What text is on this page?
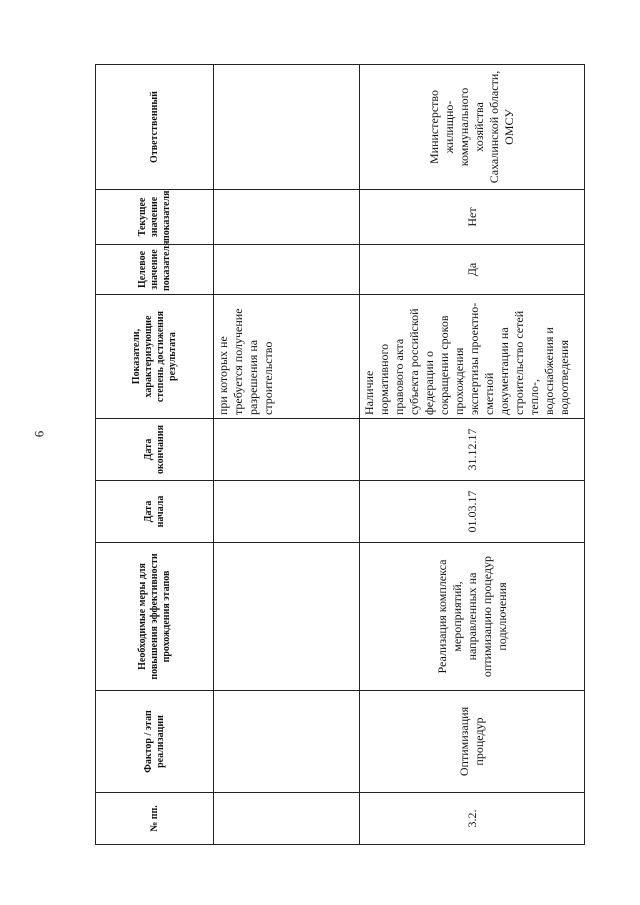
6
№ пп.	Фактор / этап реализации	Необходимые меры для повышения эффективности прохождения этапов	Дата начала	Дата окончания	Показатели, характеризующие степень достижения результата	Целевое значение показателя	Текущее значение показателя	Ответственный
					при которых не требуется получение разрешения на строительство			
3.2.	Оптимизация процедур	Реализация комплекса мероприятий, направленных на оптимизацию процедур подключения	01.03.17	31.12.17	Наличие нормативного правового акта субъекта российской федерации о сокращении сроков прохождения экспертизы проектно-сметной документации на строительство сетей тепло-, водоснабжения и водоотведения	Да	Нет	Министерство жилищно-коммунального хозяйства Сахалинской области, ОМСУ
